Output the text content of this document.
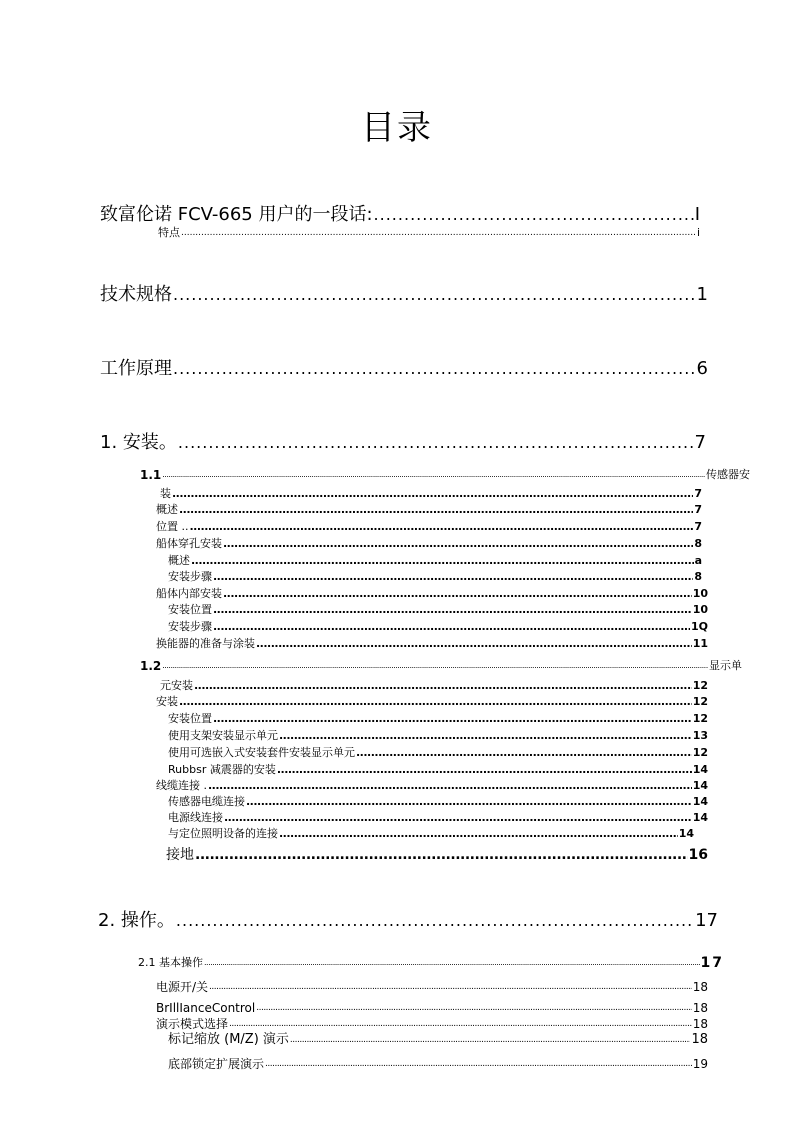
目录
致富伦诺 FCV-665 用户的一段话: .....	I
特点 .....	i
技术规格 .....	1
工作原理 .....	6
1. 安装。 .....	7
1.1 .....	传感器安
装 .....	7
概述 .....	7
位置 .. .....	7
船体穿孔安装 .....	8
概述 .....	a
安装步骤 .....	8
船体内部安装 .....	10
安装位置 .....	10
安装步骤 .....	1Q
换能器的准备与涂装 .....	11
1.2 .....	显示单
元安装 .....	12
安装 .....	12
安装位置 .....	12
使用支架安装显示单元 .....	13
使用可选嵌入式安装套件安装显示单元 .....	12
Rubbsr 减震器的安装 .....	14
线缆连接 . .....	14
传感器电缆连接 .....	14
电源线连接 .....	14
与定位照明设备的连接 .....	14
接地 .....	16
2. 操作。 .....	17
2.1 基本操作 .....	17
电源开/关 .....	18
BrIllIanceControl .....	18
演示模式选择 .....	18
标记缩放 (M/Z) 演示 .....	18
底部锁定扩展演示 .....	19
